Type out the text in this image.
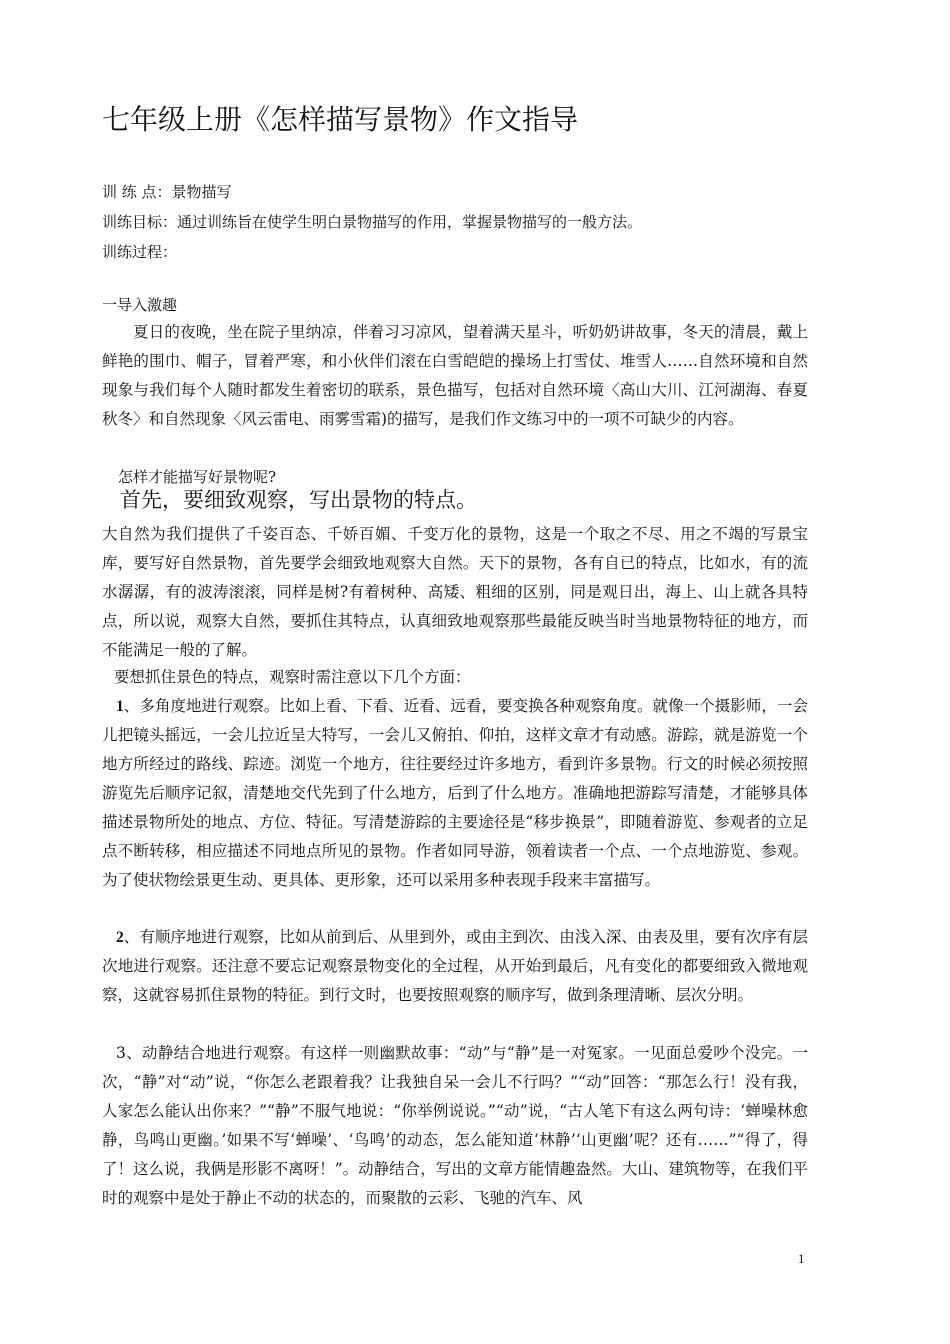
七年级上册《怎样描写景物》作文指导
训 练 点：景物描写
训练目标：通过训练旨在使学生明白景物描写的作用，掌握景物描写的一般方法。
训练过程：
一导入激趣

夏日的夜晚，坐在院子里纳凉，伴着习习凉风，望着满天星斗，听奶奶讲故事，冬天的清晨，戴上鲜艳的围巾、帽子，冒着严寒，和小伙伴们滚在白雪皑皑的操场上打雪仗、堆雪人……自然环境和自然现象与我们每个人随时都发生着密切的联系，景色描写，包括对自然环境〈高山大川、江河湖海、春夏秋冬〉和自然现象〈风云雷电、雨雾雪霜)的描写，是我们作文练习中的一项不可缺少的内容。

怎样才能描写好景物呢?
首先，要细致观察，写出景物的特点。

大自然为我们提供了千姿百态、千娇百媚、千变万化的景物，这是一个取之不尽、用之不竭的写景宝库，要写好自然景物，首先要学会细致地观察大自然。天下的景物，各有自已的特点，比如水，有的流水潺潺，有的波涛滚滚，同样是树?有着树种、高矮、粗细的区别，同是观日出，海上、山上就各具特点，所以说，观察大自然，要抓住其特点，认真细致地观察那些最能反映当时当地景物特征的地方，而不能满足一般的了解。

要想抓住景色的特点，观察时需注意以下几个方面：

1、多角度地进行观察。比如上看、下看、近看、远看，要变换各种观察角度。就像一个摄影师，一会儿把镜头摇远，一会儿拉近呈大特写，一会儿又俯拍、仰拍，这样文章才有动感。游踪，就是游览一个地方所经过的路线、踪迹。浏览一个地方，往往要经过许多地方，看到许多景物。行文的时候必须按照游览先后顺序记叙，清楚地交代先到了什么地方，后到了什么地方。准确地把游踪写清楚，才能够具体描述景物所处的地点、方位、特征。写清楚游踪的主要途径是“移步换景”，即随着游览、参观者的立足点不断转移，相应描述不同地点所见的景物。作者如同导游，领着读者一个点、一个点地游览、参观。为了使状物绘景更生动、更具体、更形象，还可以采用多种表现手段来丰富描写。

2、有顺序地进行观察，比如从前到后、从里到外，或由主到次、由浅入深、由表及里，要有次序有层次地进行观察。还注意不要忘记观察景物变化的全过程，从开始到最后，凡有变化的都要细致入微地观察，这就容易抓住景物的特征。到行文时，也要按照观察的顺序写，做到条理清晰、层次分明。

3、动静结合地进行观察。有这样一则幽默故事：“动”与“静”是一对冤家。一见面总爱吵个没完。一次，“静”对“动”说，“你怎么老跟着我？让我独自呆一会儿不行吗？”“动”回答：“那怎么行！没有我，人家怎么能认出你来？”“静”不服气地说：“你举例说说。”“动”说，“古人笔下有这么两句诗：‘蝉噪林愈静，鸟鸣山更幽。’如果不写‘蝉噪’、‘鸟鸣’的动态，怎么能知道‘林静’‘山更幽’呢？还有……”“得了，得了！这么说，我俩是形影不离呀！”。动静结合，写出的文章方能情趣盎然。大山、建筑物等，在我们平时的观察中是处于静止不动的状态的，而聚散的云彩、飞驰的汽车、风

1
